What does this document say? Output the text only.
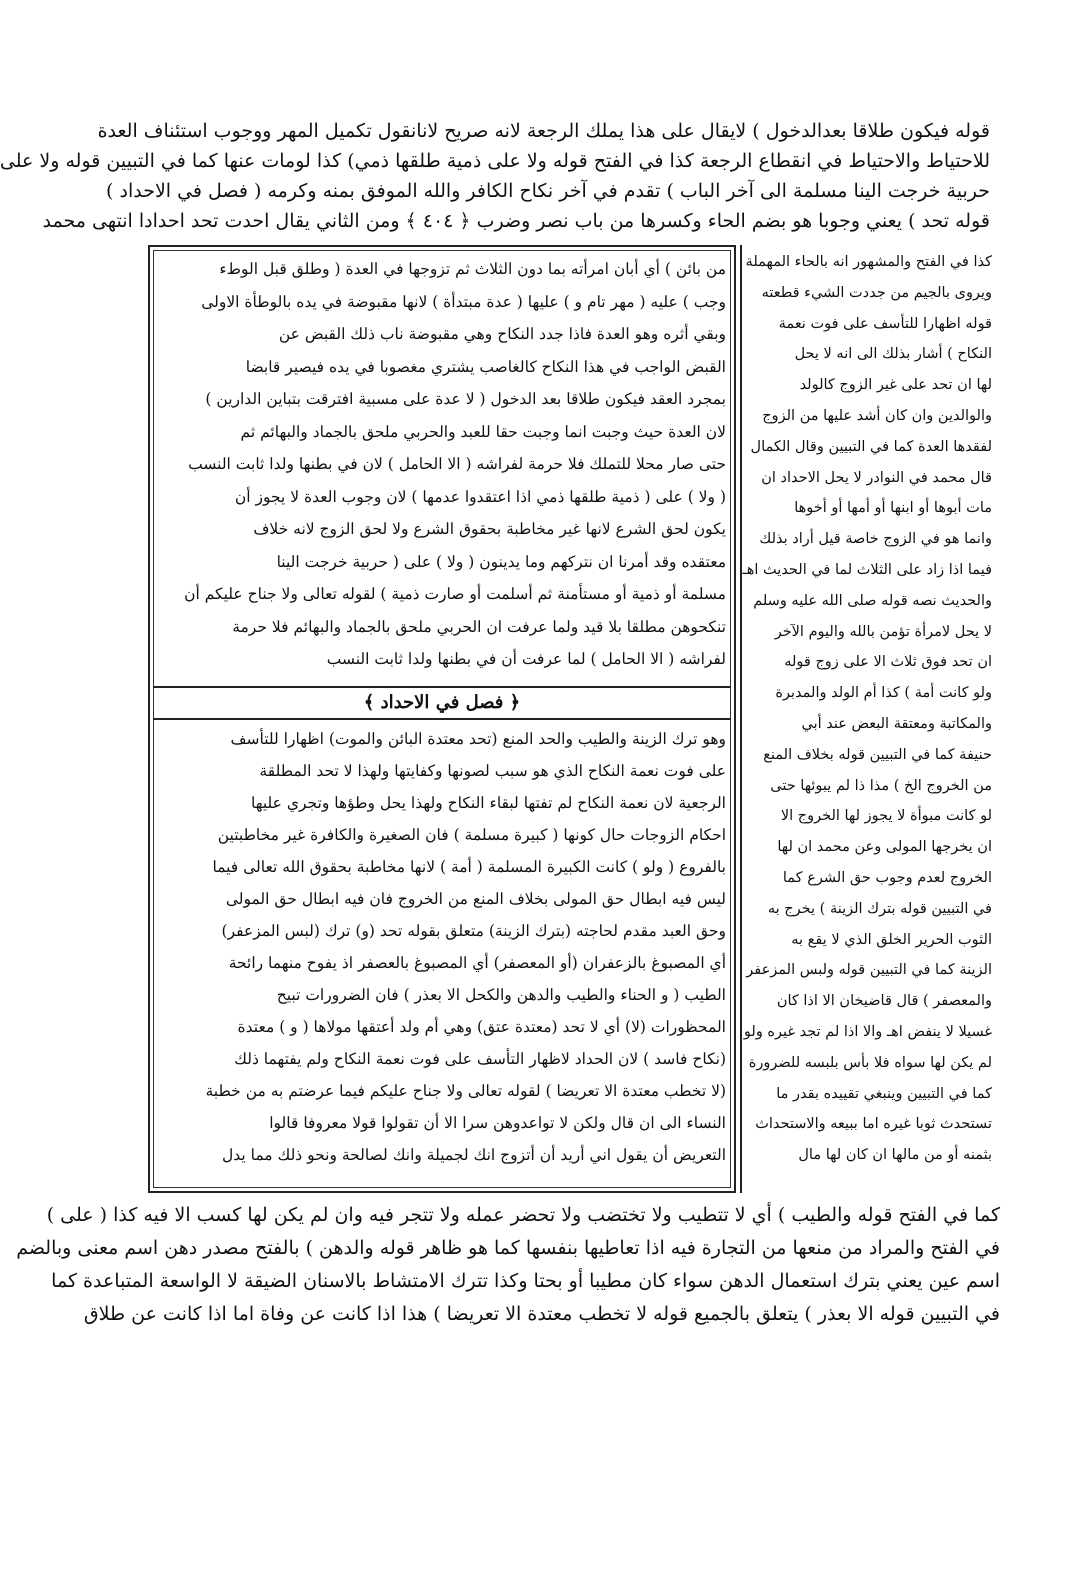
قوله فيكون طلاقا بعدالدخول ) لايقال على هذا يملك الرجعة لانه صريح لانانقول تكميل المهر ووجوب استئناف العدة
للاحتياط والاحتياط في انقطاع الرجعة كذا في الفتح قوله ولا على ذمية طلقها ذمي) كذا لومات عنها كما في التبيين قوله ولا على
حربية خرجت الينا مسلمة الى آخر الباب ) تقدم في آخر نكاح الكافر والله الموفق بمنه وكرمه ( فصل في الاحداد )
قوله تحد ) يعني وجوبا هو بضم الحاء وكسرها من باب نصر وضرب ﴿ ٤٠٤ ﴾ ومن الثاني يقال احدت تحد احدادا انتهى محمد
﴿ فصل في الاحداد ﴾
من بائن ) أي أبان امرأته بما دون الثلاث ثم تزوجها في العدة ( وطلق قبل الوطء
وجب ) عليه ( مهر تام و ) عليها ( عدة مبتدأة ) لانها مقبوضة في يده بالوطأة الاولى
وبقي أثره وهو العدة فاذا جدد النكاح وهي مقبوضة ناب ذلك القبض عن
القبض الواجب في هذا النكاح كالغاصب يشتري مغصوبا في يده فيصير قابضا
بمجرد العقد فيكون طلاقا بعد الدخول ( لا عدة على مسبية افترقت بتباين الدارين )
لان العدة حيث وجبت انما وجبت حقا للعبد والحربي ملحق بالجماد والبهائم ثم
حتى صار محلا للتملك فلا حرمة لفراشه ( الا الحامل ) لان في بطنها ولدا ثابت النسب
( ولا ) على ( ذمية طلقها ذمي اذا اعتقدوا عدمها ) لان وجوب العدة لا يجوز أن
يكون لحق الشرع لانها غير مخاطبة بحقوق الشرع ولا لحق الزوج لانه خلاف
معتقده وقد أمرنا ان نتركهم وما يدينون ( ولا ) على ( حربية خرجت الينا
مسلمة أو ذمية أو مستأمنة ثم أسلمت أو صارت ذمية ) لقوله تعالى ولا جناح عليكم أن
تنكحوهن مطلقا بلا قيد ولما عرفت ان الحربي ملحق بالجماد والبهائم فلا حرمة
لفراشه ( الا الحامل ) لما عرفت أن في بطنها ولدا ثابت النسب
وهو ترك الزينة والطيب والحد المنع (تحد معتدة البائن والموت) اظهارا للتأسف
على فوت نعمة النكاح الذي هو سبب لصونها وكفايتها ولهذا لا تحد المطلقة
الرجعية لان نعمة النكاح لم تفتها لبقاء النكاح ولهذا يحل وطؤها وتجري عليها
احكام الزوجات حال كونها ( كبيرة مسلمة ) فان الصغيرة والكافرة غير مخاطبتين
بالفروع ( ولو ) كانت الكبيرة المسلمة ( أمة ) لانها مخاطبة بحقوق الله تعالى فيما
ليس فيه ابطال حق المولى بخلاف المنع من الخروج فان فيه ابطال حق المولى
وحق العبد مقدم لحاجته (بترك الزينة) متعلق بقوله تحد (و) ترك (لبس المزعفر)
أي المصبوغ بالزعفران (أو المعصفر) أي المصبوغ بالعصفر اذ يفوح منهما رائحة
الطيب ( و الحناء والطيب والدهن والكحل الا بعذر ) فان الضرورات تبيح
المحظورات (لا) أي لا تحد (معتدة عتق) وهي أم ولد أعتقها مولاها ( و ) معتدة
(نكاح فاسد ) لان الحداد لاظهار التأسف على فوت نعمة النكاح ولم يفتهما ذلك
(لا تخطب معتدة الا تعريضا ) لقوله تعالى ولا جناح عليكم فيما عرضتم به من خطبة
النساء الى ان قال ولكن لا تواعدوهن سرا الا أن تقولوا قولا معروفا قالوا
التعريض أن يقول اني أريد أن أتزوج انك لجميلة وانك لصالحة ونحو ذلك مما يدل
كذا في الفتح والمشهور انه بالحاء المهملة
ويروى بالجيم من جددت الشيء قطعته
قوله اظهارا للتأسف على فوت نعمة
النكاح ) أشار بذلك الى انه لا يحل
لها ان تحد على غير الزوج كالولد
والوالدين وان كان أشد عليها من الزوج
لفقدها العدة كما في التبيين وقال الكمال
قال محمد في النوادر لا يحل الاحداد ان
مات أبوها أو ابنها أو أمها أو أخوها
وانما هو في الزوج خاصة قيل أراد بذلك
فيما اذا زاد على الثلاث لما في الحديث اهـ
والحديث نصه قوله صلى الله عليه وسلم
لا يحل لامرأة تؤمن بالله واليوم الآخر
ان تحد فوق ثلاث الا على زوج قوله
ولو كانت أمة ) كذا أم الولد والمدبرة
والمكاتبة ومعتقة البعض عند أبي
حنيفة كما في التبيين قوله بخلاف المنع
من الخروج الخ ) مذا ذا لم يبوئها حتى
لو كانت مبوأة لا يجوز لها الخروج الا
ان يخرجها المولى وعن محمد ان لها
الخروج لعدم وجوب حق الشرع كما
في التبيين قوله بترك الزينة ) يخرج به
الثوب الحرير الخلق الذي لا يقع به
الزينة كما في التبيين قوله ولبس المزعفر
والمعصفر ) قال قاضيخان الا اذا كان
غسيلا لا ينفض اهـ والا اذا لم تجد غيره ولو
لم يكن لها سواه فلا بأس بلبسه للضرورة
كما في التبيين وينبغي تقييده بقدر ما
تستحدث ثوبا غيره اما ببيعه والاستحداث
بثمنه أو من مالها ان كان لها مال
كما في الفتح قوله والطيب ) أي لا تتطيب ولا تختضب ولا تحضر عمله ولا تتجر فيه وان لم يكن لها كسب الا فيه كذا ( على )
في الفتح والمراد من منعها من التجارة فيه اذا تعاطيها بنفسها كما هو ظاهر قوله والدهن ) بالفتح مصدر دهن اسم معنى وبالضم
اسم عين يعني بترك استعمال الدهن سواء كان مطيبا أو بحتا وكذا تترك الامتشاط بالاسنان الضيقة لا الواسعة المتباعدة كما
في التبيين قوله الا بعذر ) يتعلق بالجميع قوله لا تخطب معتدة الا تعريضا ) هذا اذا كانت عن وفاة اما اذا كانت عن طلاق
